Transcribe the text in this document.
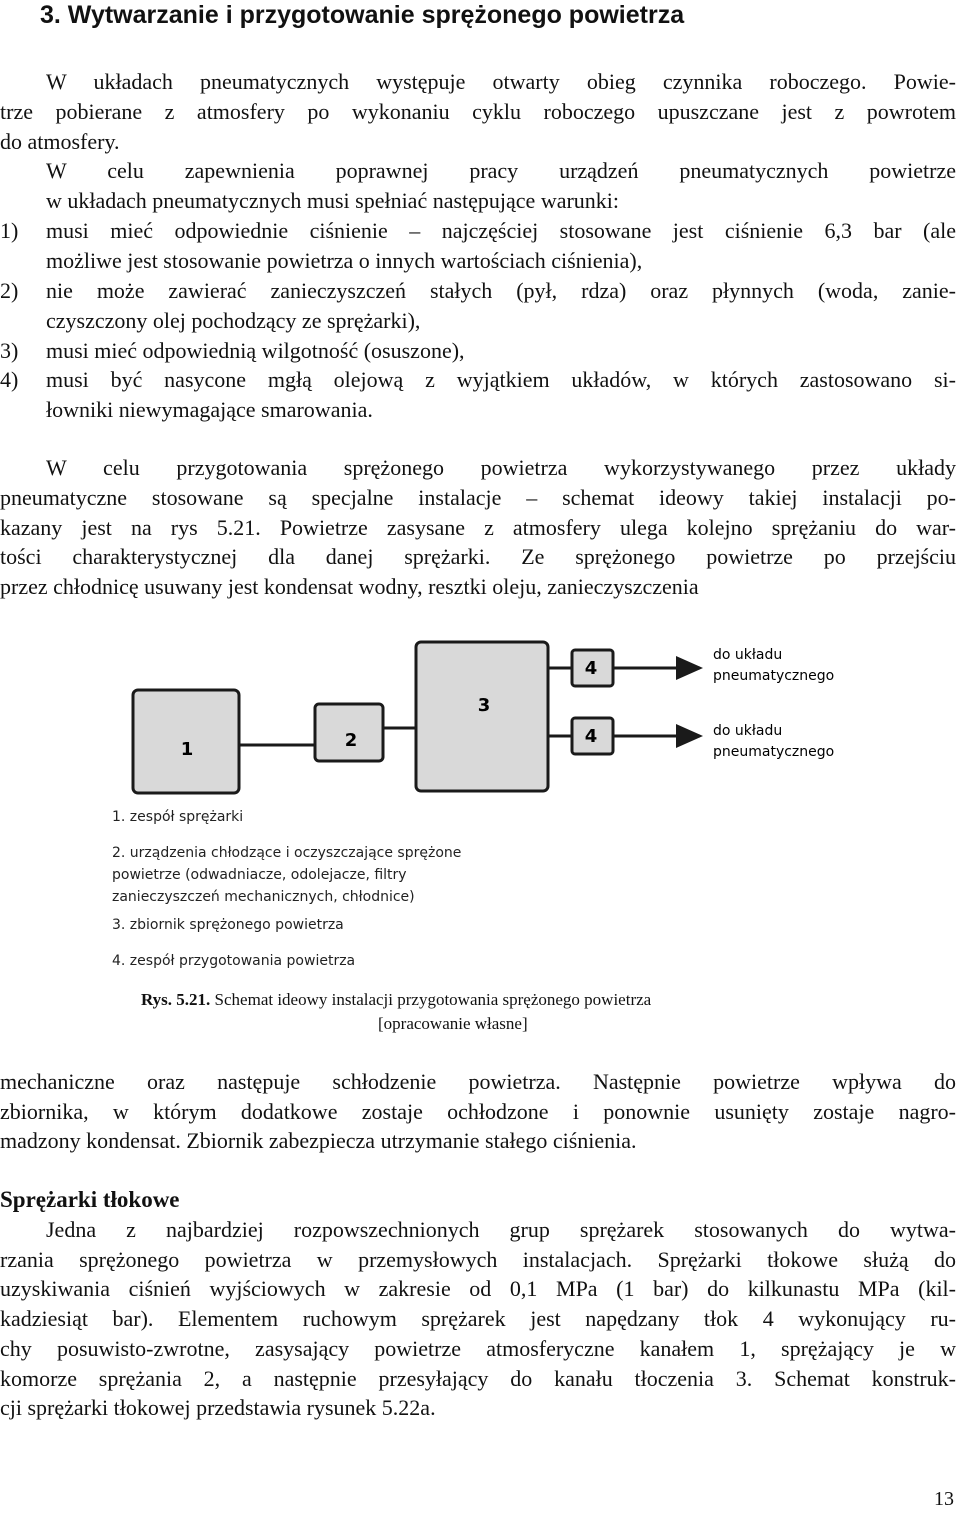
3. Wytwarzanie i przygotowanie sprężonego powietrza
W układach pneumatycznych występuje otwarty obieg czynnika roboczego. Powie-
trze pobierane z atmosfery po wykonaniu cyklu roboczego upuszczane jest z powrotem
do atmosfery.
W celu zapewnienia poprawnej pracy urządzeń pneumatycznych powietrze
w układach pneumatycznych musi spełniać następujące warunki:
1) musi mieć odpowiednie ciśnienie – najczęściej stosowane jest ciśnienie 6,3 bar (ale
możliwe jest stosowanie powietrza o innych wartościach ciśnienia),
2) nie może zawierać zanieczyszczeń stałych (pył, rdza) oraz płynnych (woda, zanie-
czyszczony olej pochodzący ze sprężarki),
3) musi mieć odpowiednią wilgotność (osuszone),
4) musi być nasycone mgłą olejową z wyjątkiem układów, w których zastosowano si-
łowniki niewymagające smarowania.
W celu przygotowania sprężonego powietrza wykorzystywanego przez układy
pneumatyczne stosowane są specjalne instalacje – schemat ideowy takiej instalacji po-
kazany jest na rys 5.21. Powietrze zasysane z atmosfery ulega kolejno sprężaniu do war-
tości charakterystycznej dla danej sprężarki. Ze sprężonego powietrze po przejściu
przez chłodnicę usuwany jest kondensat wodny, resztki oleju, zanieczyszczenia
1	2
3
4
4
do układu
pneumatycznego
do układu
pneumatycznego
1. zespół sprężarki
2. urządzenia chłodzące i oczyszczające sprężone
powietrze (odwadniacze, odolejacze, filtry
zanieczyszczeń mechanicznych, chłodnice)
3. zbiornik sprężonego powietrza
4. zespół przygotowania powietrza
Rys. 5.21. Schemat ideowy instalacji przygotowania sprężonego powietrza
[opracowanie własne]
mechaniczne oraz następuje schłodzenie powietrza. Następnie powietrze wpływa do
zbiornika, w którym dodatkowe zostaje ochłodzone i ponownie usunięty zostaje nagro-
madzony kondensat. Zbiornik zabezpiecza utrzymanie stałego ciśnienia.
Sprężarki tłokowe
Jedna z najbardziej rozpowszechnionych grup sprężarek stosowanych do wytwa-
rzania sprężonego powietrza w przemysłowych instalacjach. Sprężarki tłokowe służą do
uzyskiwania ciśnień wyjściowych w zakresie od 0,1 MPa (1 bar) do kilkunastu MPa (kil-
kadziesiąt bar). Elementem ruchowym sprężarek jest napędzany tłok 4 wykonujący ru-
chy posuwisto-zwrotne, zasysający powietrze atmosferyczne kanałem 1, sprężający je w
komorze sprężania 2, a następnie przesyłający do kanału tłoczenia 3. Schemat konstruk-
cji sprężarki tłokowej przedstawia rysunek 5.22a.
13
